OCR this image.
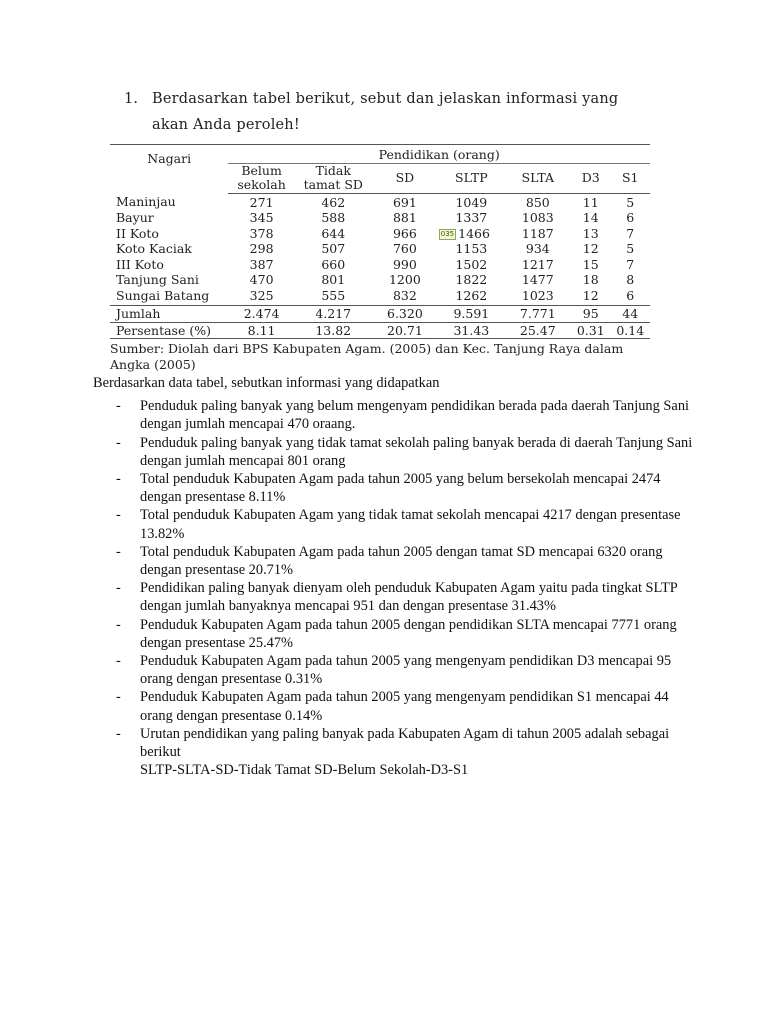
1. Berdasarkan tabel berikut, sebut dan jelaskan informasi yang akan Anda peroleh!
Nagari	Pendidikan (orang)						
	Belum sekolah	Tidak tamat SD	SD	SLTP	SLTA	D3	S1
Maninjau	271	462	691	1049	850	11	5
Bayur	345	588	881	1337	1083	14	6
II Koto	378	644	966	035 1466	1187	13	7
Koto Kaciak	298	507	760	1153	934	12	5
III Koto	387	660	990	1502	1217	15	7
Tanjung Sani	470	801	1200	1822	1477	18	8
Sungai Batang	325	555	832	1262	1023	12	6
Jumlah	2.474	4.217	6.320	9.591	7.771	95	44
Persentase (%)	8.11	13.82	20.71	31.43	25.47	0.31	0.14
Sumber: Diolah dari BPS Kabupaten Agam. (2005) dan Kec. Tanjung Raya dalam Angka (2005)

Berdasarkan data tabel, sebutkan informasi yang didapatkan

- Penduduk paling banyak yang belum mengenyam pendidikan berada pada daerah Tanjung Sani dengan jumlah mencapai 470 oraang.
- Penduduk paling banyak yang tidak tamat sekolah paling banyak berada di daerah Tanjung Sani dengan jumlah mencapai 801 orang
- Total penduduk Kabupaten Agam pada tahun 2005 yang belum bersekolah mencapai 2474 dengan presentase 8.11%
- Total penduduk Kabupaten Agam yang tidak tamat sekolah mencapai 4217 dengan presentase 13.82%
- Total penduduk Kabupaten Agam pada tahun 2005 dengan tamat SD mencapai 6320 orang dengan presentase 20.71%
- Pendidikan paling banyak dienyam oleh penduduk Kabupaten Agam yaitu pada tingkat SLTP dengan jumlah banyaknya mencapai 951 dan dengan presentase 31.43%
- Penduduk Kabupaten Agam pada tahun 2005 dengan pendidikan SLTA mencapai 7771 orang dengan presentase 25.47%
- Penduduk Kabupaten Agam pada tahun 2005 yang mengenyam pendidikan D3 mencapai 95 orang dengan presentase 0.31%
- Penduduk Kabupaten Agam pada tahun 2005 yang mengenyam pendidikan S1 mencapai 44 orang dengan presentase 0.14%
- Urutan pendidikan yang paling banyak pada Kabupaten Agam di tahun 2005 adalah sebagai berikut
SLTP-SLTA-SD-Tidak Tamat SD-Belum Sekolah-D3-S1
